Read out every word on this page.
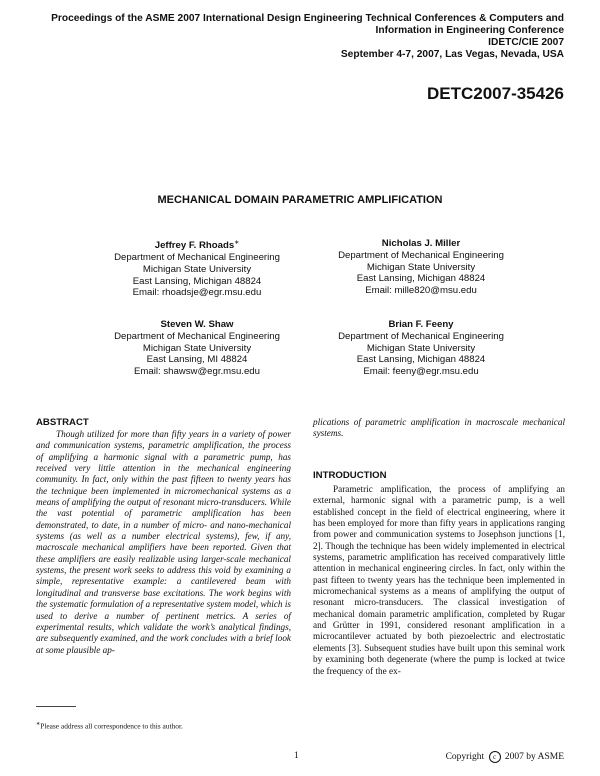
Proceedings of the ASME 2007 International Design Engineering Technical Conferences & Computers and
Information in Engineering Conference
IDETC/CIE 2007
September 4-7, 2007, Las Vegas, Nevada, USA
DETC2007-35426
MECHANICAL DOMAIN PARAMETRIC AMPLIFICATION
Jeffrey F. Rhoads∗
Department of Mechanical Engineering
Michigan State University
East Lansing, Michigan 48824
Email: rhoadsje@egr.msu.edu
Nicholas J. Miller
Department of Mechanical Engineering
Michigan State University
East Lansing, Michigan 48824
Email: mille820@msu.edu
Steven W. Shaw
Department of Mechanical Engineering
Michigan State University
East Lansing, MI 48824
Email: shawsw@egr.msu.edu
Brian F. Feeny
Department of Mechanical Engineering
Michigan State University
East Lansing, Michigan 48824
Email: feeny@egr.msu.edu
ABSTRACT
Though utilized for more than fifty years in a variety of power and communication systems, parametric amplification, the process of amplifying a harmonic signal with a parametric pump, has received very little attention in the mechanical engineering community. In fact, only within the past fifteen to twenty years has the technique been implemented in micromechanical systems as a means of amplifying the output of resonant micro-transducers. While the vast potential of parametric amplification has been demonstrated, to date, in a number of micro- and nano-mechanical systems (as well as a number electrical systems), few, if any, macroscale mechanical amplifiers have been reported. Given that these amplifiers are easily realizable using larger-scale mechanical systems, the present work seeks to address this void by examining a simple, representative example: a cantilevered beam with longitudinal and transverse base excitations. The work begins with the systematic formulation of a representative system model, which is used to derive a number of pertinent metrics. A series of experimental results, which validate the work’s analytical findings, are subsequently examined, and the work concludes with a brief look at some plausible ap-
plications of parametric amplification in macroscale mechanical systems.
INTRODUCTION
Parametric amplification, the process of amplifying an external, harmonic signal with a parametric pump, is a well established concept in the field of electrical engineering, where it has been employed for more than fifty years in applications ranging from power and communication systems to Josephson junctions [1, 2]. Though the technique has been widely implemented in electrical systems, parametric amplification has received comparatively little attention in mechanical engineering circles. In fact, only within the past fifteen to twenty years has the technique been implemented in micromechanical systems as a means of amplifying the output of resonant micro-transducers. The classical investigation of mechanical domain parametric amplification, completed by Rugar and Grütter in 1991, considered resonant amplification in a microcantilever actuated by both piezoelectric and electrostatic elements [3]. Subsequent studies have built upon this seminal work by examining both degenerate (where the pump is locked at twice the frequency of the ex-
∗Please address all correspondence to this author.
1	Copyright c 2007 by ASME
